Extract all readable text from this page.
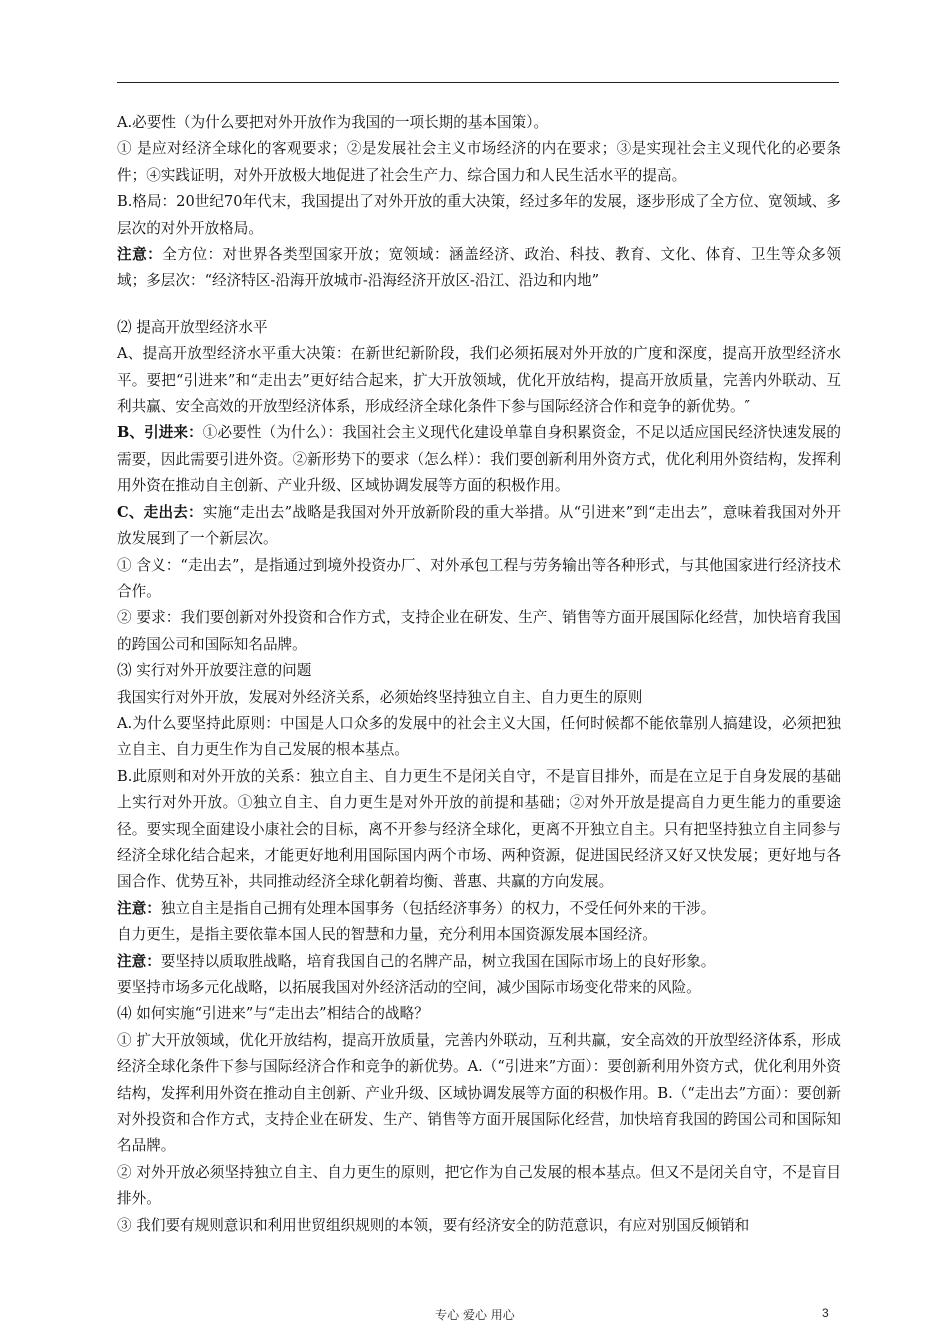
A.必要性（为什么要把对外开放作为我国的一项长期的基本国策）。

① 是应对经济全球化的客观要求；②是发展社会主义市场经济的内在要求；③是实现社会主义现代化的必要条件；④实践证明，对外开放极大地促进了社会生产力、综合国力和人民生活水平的提高。

B.格局：20世纪70年代末，我国提出了对外开放的重大决策，经过多年的发展，逐步形成了全方位、宽领域、多层次的对外开放格局。

注意：全方位：对世界各类型国家开放；宽领域：涵盖经济、政治、科技、教育、文化、体育、卫生等众多领域；多层次：“经济特区-沿海开放城市-沿海经济开放区-沿江、沿边和内地”

⑵ 提高开放型经济水平

A、提高开放型经济水平重大决策：在新世纪新阶段，我们必须拓展对外开放的广度和深度，提高开放型经济水平。要把“引进来”和“走出去”更好结合起来，扩大开放领域，优化开放结构，提高开放质量，完善内外联动、互利共赢、安全高效的开放型经济体系，形成经济全球化条件下参与国际经济合作和竞争的新优势。″

B、引进来：①必要性（为什么）：我国社会主义现代化建设单靠自身积累资金，不足以适应国民经济快速发展的需要，因此需要引进外资。②新形势下的要求（怎么样）：我们要创新利用外资方式，优化利用外资结构，发挥利用外资在推动自主创新、产业升级、区域协调发展等方面的积极作用。

C、走出去：实施“走出去”战略是我国对外开放新阶段的重大举措。从“引进来”到“走出去”，意味着我国对外开放发展到了一个新层次。

① 含义：“走出去”，是指通过到境外投资办厂、对外承包工程与劳务输出等各种形式，与其他国家进行经济技术合作。

② 要求：我们要创新对外投资和合作方式，支持企业在研发、生产、销售等方面开展国际化经营，加快培育我国的跨国公司和国际知名品牌。

⑶ 实行对外开放要注意的问题

我国实行对外开放，发展对外经济关系，必须始终坚持独立自主、自力更生的原则

A.为什么要坚持此原则：中国是人口众多的发展中的社会主义大国，任何时候都不能依靠别人搞建设，必须把独立自主、自力更生作为自己发展的根本基点。

B.此原则和对外开放的关系：独立自主、自力更生不是闭关自守，不是盲目排外，而是在立足于自身发展的基础上实行对外开放。①独立自主、自力更生是对外开放的前提和基础；②对外开放是提高自力更生能力的重要途径。要实现全面建设小康社会的目标，离不开参与经济全球化，更离不开独立自主。只有把坚持独立自主同参与经济全球化结合起来，才能更好地利用国际国内两个市场、两种资源，促进国民经济又好又快发展；更好地与各国合作、优势互补，共同推动经济全球化朝着均衡、普惠、共赢的方向发展。

注意：独立自主是指自己拥有处理本国事务（包括经济事务）的权力，不受任何外来的干涉。

自力更生，是指主要依靠本国人民的智慧和力量，充分利用本国资源发展本国经济。

注意：要坚持以质取胜战略，培育我国自己的名牌产品，树立我国在国际市场上的良好形象。

要坚持市场多元化战略，以拓展我国对外经济活动的空间，减少国际市场变化带来的风险。

⑷ 如何实施“引进来”与“走出去”相结合的战略？

① 扩大开放领域，优化开放结构，提高开放质量，完善内外联动，互利共赢，安全高效的开放型经济体系，形成经济全球化条件下参与国际经济合作和竞争的新优势。A.（“引进来”方面）：要创新利用外资方式，优化利用外资结构，发挥利用外资在推动自主创新、产业升级、区域协调发展等方面的积极作用。B.（“走出去”方面）：要创新对外投资和合作方式，支持企业在研发、生产、销售等方面开展国际化经营，加快培育我国的跨国公司和国际知名品牌。

② 对外开放必须坚持独立自主、自力更生的原则，把它作为自己发展的根本基点。但又不是闭关自守，不是盲目排外。

③ 我们要有规则意识和利用世贸组织规则的本领，要有经济安全的防范意识，有应对别国反倾销和

专心 爱心 用心	3
